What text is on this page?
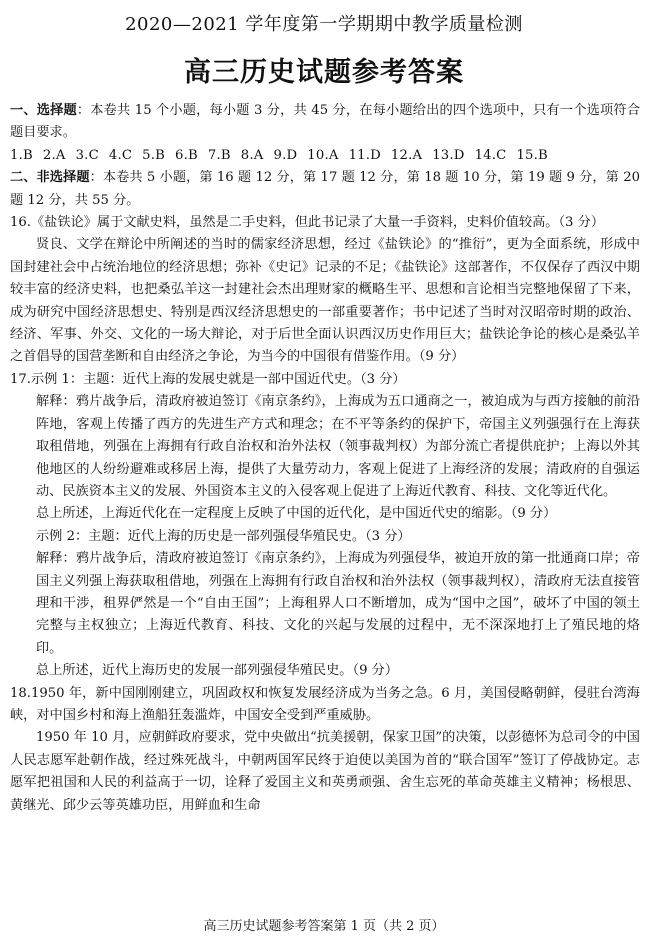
2020—2021 学年度第一学期期中教学质量检测
高三历史试题参考答案

一、选择题：本卷共 15 个小题，每小题 3 分，共 45 分，在每小题给出的四个选项中，只有一个选项符合题目要求。

1.B 2.A 3.C 4.C 5.B 6.B 7.B 8.A 9.D 10.A 11.D 12.A 13.D 14.C 15.B

二、非选择题：本卷共 5 小题，第 16 题 12 分，第 17 题 12 分，第 18 题 10 分，第 19 题 9 分，第 20 题 12 分，共 55 分。

16.《盐铁论》属于文献史料，虽然是二手史料，但此书记录了大量一手资料，史料价值较高。（3 分）

贤良、文学在辩论中所阐述的当时的儒家经济思想，经过《盐铁论》的“推衍”，更为全面系统，形成中国封建社会中占统治地位的经济思想；弥补《史记》记录的不足；《盐铁论》这部著作，不仅保存了西汉中期较丰富的经济史料，也把桑弘羊这一封建社会杰出理财家的概略生平、思想和言论相当完整地保留了下来，成为研究中国经济思想史、特别是西汉经济思想史的一部重要著作；书中记述了当时对汉昭帝时期的政治、经济、军事、外交、文化的一场大辩论，对于后世全面认识西汉历史作用巨大；盐铁论争论的核心是桑弘羊之首倡导的国营垄断和自由经济之争论，为当今的中国很有借鉴作用。（9 分）

17.示例 1：主题：近代上海的发展史就是一部中国近代史。（3 分）

解释：鸦片战争后，清政府被迫签订《南京条约》，上海成为五口通商之一，被迫成为与西方接触的前沿阵地，客观上传播了西方的先进生产方式和理念；在不平等条约的保护下，帝国主义列强强行在上海获取租借地，列强在上海拥有行政自治权和治外法权（领事裁判权）为部分流亡者提供庇护；上海以外其他地区的人纷纷避难或移居上海，提供了大量劳动力，客观上促进了上海经济的发展；清政府的自强运动、民族资本主义的发展、外国资本主义的入侵客观上促进了上海近代教育、科技、文化等近代化。

总上所述，上海近代化在一定程度上反映了中国的近代化，是中国近代史的缩影。（9 分）

示例 2：主题：近代上海的历史是一部列强侵华殖民史。（3 分）

解释：鸦片战争后，清政府被迫签订《南京条约》，上海成为列强侵华，被迫开放的第一批通商口岸；帝国主义列强上海获取租借地，列强在上海拥有行政自治权和治外法权（领事裁判权），清政府无法直接管理和干涉，租界俨然是一个“自由王国”；上海租界人口不断增加，成为“国中之国”，破坏了中国的领土完整与主权独立；上海近代教育、科技、文化的兴起与发展的过程中，无不深深地打上了殖民地的烙印。

总上所述，近代上海历史的发展一部列强侵华殖民史。（9 分）

18.1950 年，新中国刚刚建立，巩固政权和恢复发展经济成为当务之急。6 月，美国侵略朝鲜，侵驻台湾海峡，对中国乡村和海上渔船狂轰滥炸，中国安全受到严重威胁。

1950 年 10 月，应朝鲜政府要求，党中央做出“抗美援朝，保家卫国”的决策，以彭德怀为总司令的中国人民志愿军赴朝作战，经过殊死战斗，中朝两国军民终于迫使以美国为首的“联合国军”签订了停战协定。志愿军把祖国和人民的利益高于一切，诠释了爱国主义和英勇顽强、舍生忘死的革命英雄主义精神；杨根思、黄继光、邱少云等英雄功臣，用鲜血和生命

高三历史试题参考答案第 1 页（共 2 页）
